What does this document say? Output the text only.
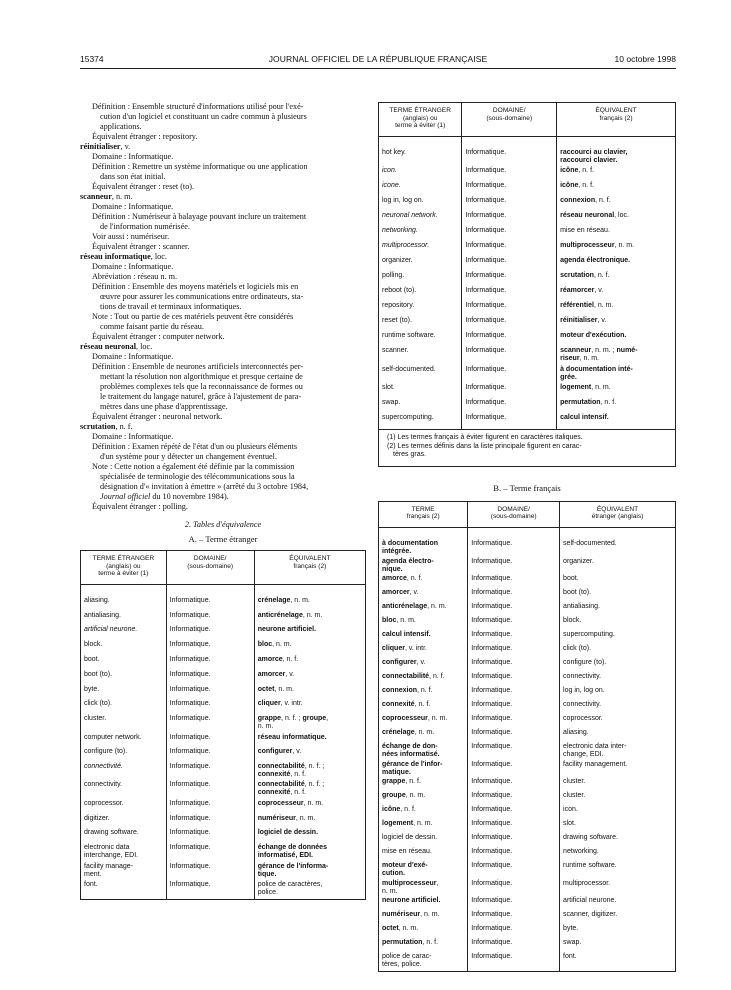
15374	JOURNAL OFFICIEL DE LA RÉPUBLIQUE FRANÇAISE	10 octobre 1998
Définition : Ensemble structuré d'informations utilisé pour l'exé-
cution d'un logiciel et constituant un cadre commun à plusieurs
applications.
Équivalent étranger : repository.
réinitialiser, v.
Domaine : Informatique.
Définition : Remettre un système informatique ou une application
dans son état initial.
Équivalent étranger : reset (to).
scanneur, n. m.
Domaine : Informatique.
Définition : Numériseur à balayage pouvant inclure un traitement
de l'information numérisée.
Voir aussi : numériseur.
Équivalent étranger : scanner.
réseau informatique, loc.
Domaine : Informatique.
Abréviation : réseau n. m.
Définition : Ensemble des moyens matériels et logiciels mis en
œuvre pour assurer les communications entre ordinateurs, sta-
tions de travail et terminaux informatiques.
Note : Tout ou partie de ces matériels peuvent être considérés
comme faisant partie du réseau.
Équivalent étranger : computer network.
réseau neuronal, loc.
Domaine : Informatique.
Définition : Ensemble de neurones artificiels interconnectés per-
mettant la résolution non algorithmique et presque certaine de
problèmes complexes tels que la reconnaissance de formes ou
le traitement du langage naturel, grâce à l'ajustement de para-
mètres dans une phase d'apprentissage.
Équivalent étranger : neuronal network.
scrutation, n. f.
Domaine : Informatique.
Définition : Examen répété de l'état d'un ou plusieurs éléments
d'un système pour y détecter un changement éventuel.
Note : Cette notion a également été définie par la commission
spécialisée de terminologie des télécommunications sous la
désignation d'« invitation à émettre » (arrêté du 3 octobre 1984,
Journal officiel du 10 novembre 1984).
Équivalent étranger : polling.
2. Tables d'équivalence
A. – Terme étranger
TERME ÉTRANGER
(anglais) ou
terme à éviter (1)	DOMAINE/
(sous-domaine)	ÉQUIVALENT
français (2)

aliasing.	Informatique.	crénelage, n. m.
antialiasing.	Informatique.	anticrénelage, n. m.
artificial neurone.	Informatique.	neurone artificiel.
block.	Informatique.	bloc, n. m.
boot.	Informatique.	amorce, n. f.
boot (to).	Informatique.	amorcer, v.
byte.	Informatique.	octet, n. m.
click (to).	Informatique.	cliquer, v. intr.
cluster.	Informatique.	grappe, n. f. ; groupe,
n. m.
computer network.	Informatique.	réseau informatique.
configure (to).	Informatique.	configurer, v.
connectivité.	Informatique.	connectabilité, n. f. ;
connexité, n. f.
connectivity.	Informatique.	connectabilité, n. f. ;
connexité, n. f.
coprocessor.	Informatique.	coprocesseur, n. m.
digitizer.	Informatique.	numériseur, n. m.
drawing software.	Informatique.	logiciel de dessin.
electronic data
interchange, EDI.	Informatique.	échange de données
informatisé, EDI.
facility manage-
ment.	Informatique.	gérance de l'informa-
tique.
font.	Informatique.	police de caractères,
police.
TERME ÉTRANGER
(anglais) ou
terme à éviter (1)	DOMAINE/
(sous-domaine)	ÉQUIVALENT
français (2)

hot key.	Informatique.	raccourci au clavier,
raccourci clavier.
icon.	Informatique.	icône, n. f.
icone.	Informatique.	icône, n. f.
log in, log on.	Informatique.	connexion, n. f.
neuronal network.	Informatique.	réseau neuronal, loc.
networking.	Informatique.	mise en réseau.
multiprocessor.	Informatique.	multiprocesseur, n. m.
organizer.	Informatique.	agenda électronique.
polling.	Informatique.	scrutation, n. f.
reboot (to).	Informatique.	réamorcer, v.
repository.	Informatique.	référentiel, n. m.
reset (to).	Informatique.	réinitialiser, v.
runtime software.	Informatique.	moteur d'exécution.
scanner.	Informatique.	scanneur, n. m. ; numé-
riseur, n. m.
self-documented.	Informatique.	à documentation inté-
grée.
slot.	Informatique.	logement, n. m.
swap.	Informatique.	permutation, n. f.
supercomputing.	Informatique.	calcul intensif.

(1) Les termes français à éviter figurent en caractères italiques.

(2) Les termes définis dans la liste principale figurent en carac-
tères gras.

B. – Terme français
TERME
français (2)	DOMAINE/
(sous-domaine)	ÉQUIVALENT
étranger (anglais)

à documentation
intégrée.	Informatique.	self-documented.
agenda électro-
nique.	Informatique.	organizer.
amorce, n. f.	Informatique.	boot.
amorcer, v.	Informatique.	boot (to).
anticrénelage, n. m.	Informatique.	antialiasing.
bloc, n. m.	Informatique.	block.
calcul intensif.	Informatique.	supercomputing.
cliquer, v. intr.	Informatique.	click (to).
configurer, v.	Informatique.	configure (to).
connectabilité, n. f.	Informatique.	connectivity.
connexion, n. f.	Informatique.	log in, log on.
connexité, n. f.	Informatique.	connectivity.
coprocesseur, n. m.	Informatique.	coprocessor.
crénelage, n. m.	Informatique.	aliasing.
échange de don-
nées informatisé.	Informatique.	electronic data inter-
change, EDI.
gérance de l'infor-
matique.	Informatique.	facility management.
grappe, n. f.	Informatique.	cluster.
groupe, n. m.	Informatique.	cluster.
icône, n. f.	Informatique.	icon.
logement, n. m.	Informatique.	slot.
logiciel de dessin.	Informatique.	drawing software.
mise en réseau.	Informatique.	networking.
moteur d'exé-
cution.	Informatique.	runtime software.
multiprocesseur,
n. m.	Informatique.	multiprocessor.
neurone artificiel.	Informatique.	artificial neurone.
numériseur, n. m.	Informatique.	scanner, digitizer.
octet, n. m.	Informatique.	byte.
permutation, n. f.	Informatique.	swap.
police de carac-
tères, police.	Informatique.	font.
